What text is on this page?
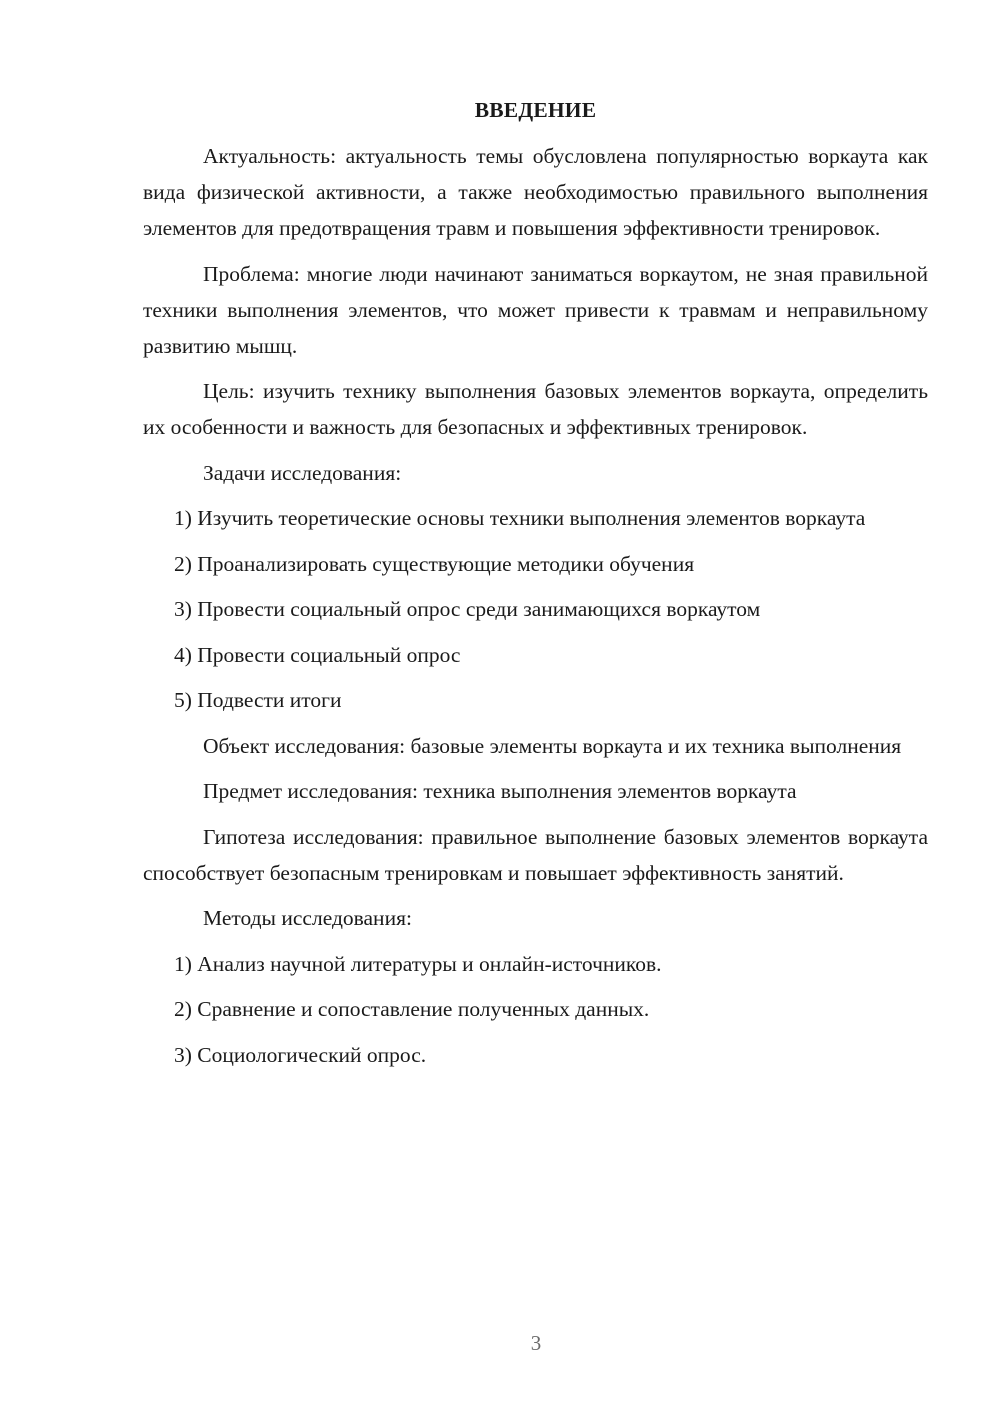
ВВЕДЕНИЕ

Актуальность: актуальность темы обусловлена популярностью воркаута как вида физической активности, а также необходимостью правильного выполнения элементов для предотвращения травм и повышения эффективности тренировок.

Проблема: многие люди начинают заниматься воркаутом, не зная правильной техники выполнения элементов, что может привести к травмам и неправильному развитию мышц.

Цель: изучить технику выполнения базовых элементов воркаута, определить их особенности и важность для безопасных и эффективных тренировок.

Задачи исследования:

1) Изучить теоретические основы техники выполнения элементов воркаута

2) Проанализировать существующие методики обучения

3) Провести социальный опрос среди занимающихся воркаутом

4) Провести социальный опрос

5) Подвести итоги

Объект исследования: базовые элементы воркаута и их техника выполнения

Предмет исследования: техника выполнения элементов воркаута

Гипотеза исследования: правильное выполнение базовых элементов воркаута способствует безопасным тренировкам и повышает эффективность занятий.

Методы исследования:

1) Анализ научной литературы и онлайн-источников.

2) Сравнение и сопоставление полученных данных.

3) Социологический опрос.

3
